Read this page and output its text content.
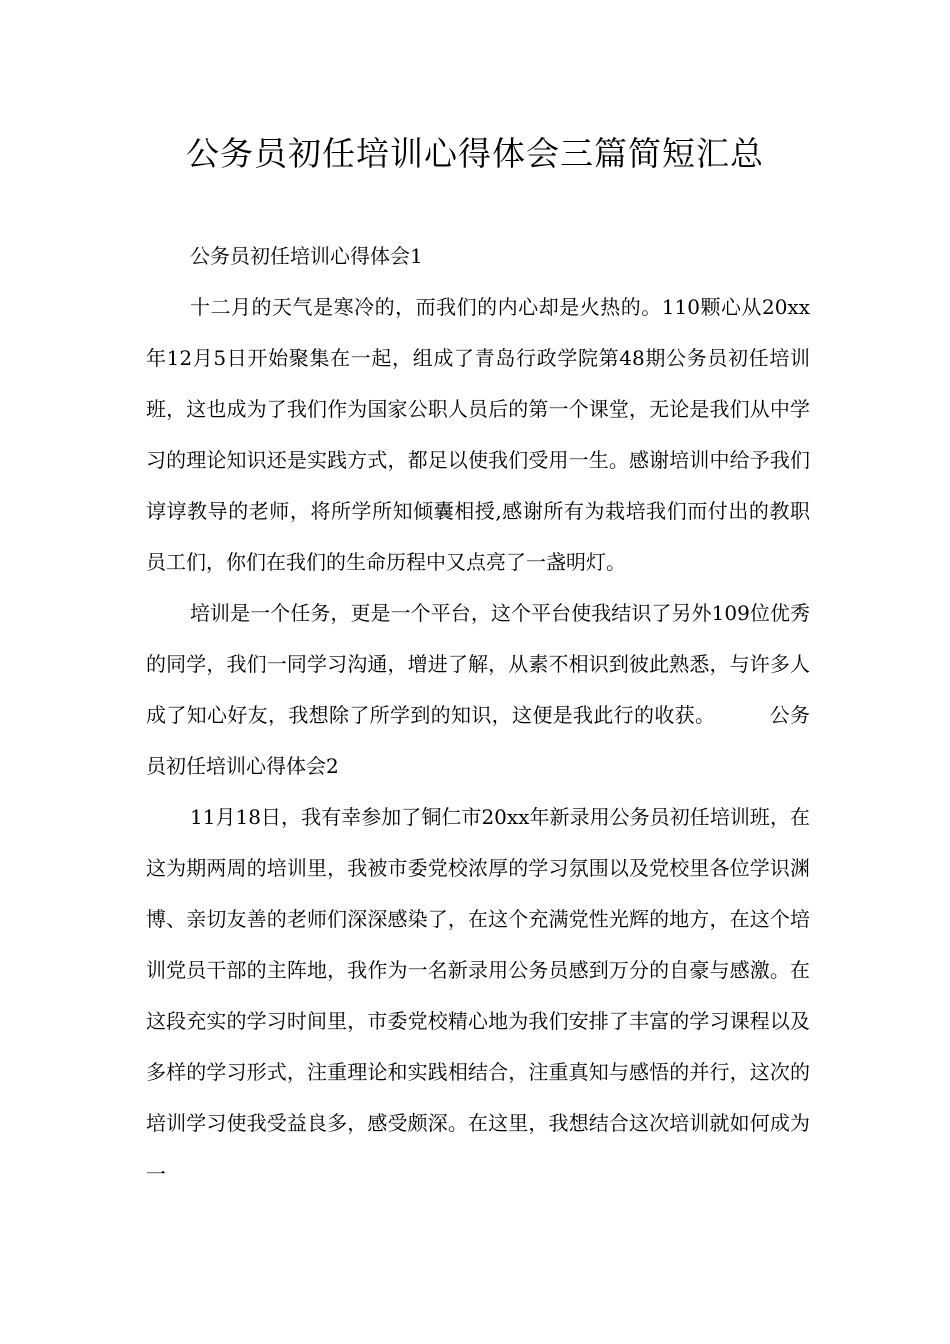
公务员初任培训心得体会三篇简短汇总

公务员初任培训心得体会1

十二月的天气是寒冷的，而我们的内心却是火热的。110颗心从20xx年12月5日开始聚集在一起，组成了青岛行政学院第48期公务员初任培训班，这也成为了我们作为国家公职人员后的第一个课堂，无论是我们从中学习的理论知识还是实践方式，都足以使我们受用一生。感谢培训中给予我们谆谆教导的老师，将所学所知倾囊相授,感谢所有为栽培我们而付出的教职员工们，你们在我们的生命历程中又点亮了一盏明灯。

培训是一个任务，更是一个平台，这个平台使我结识了另外109位优秀的同学，我们一同学习沟通，增进了解，从素不相识到彼此熟悉，与许多人成了知心好友，我想除了所学到的知识，这便是我此行的收获。	公务员初任培训心得体会2

11月18日，我有幸参加了铜仁市20xx年新录用公务员初任培训班，在这为期两周的培训里，我被市委党校浓厚的学习氛围以及党校里各位学识渊博、亲切友善的老师们深深感染了，在这个充满党性光辉的地方，在这个培训党员干部的主阵地，我作为一名新录用公务员感到万分的自豪与感激。在这段充实的学习时间里，市委党校精心地为我们安排了丰富的学习课程以及多样的学习形式，注重理论和实践相结合，注重真知与感悟的并行，这次的培训学习使我受益良多，感受颇深。在这里，我想结合这次培训就如何成为一
